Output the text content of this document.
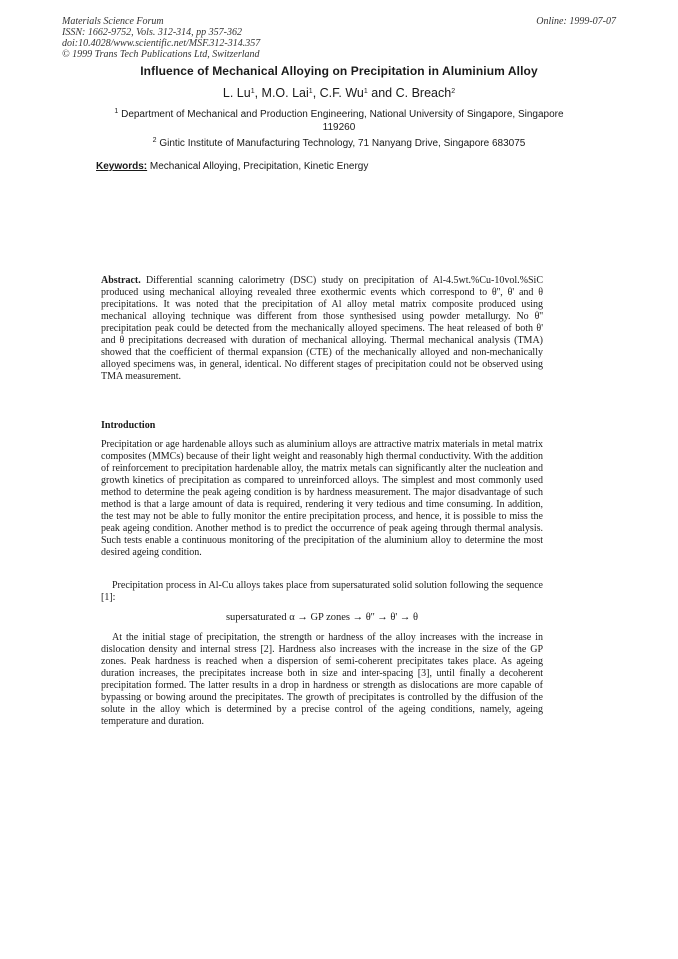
Materials Science Forum
ISSN: 1662-9752, Vols. 312-314, pp 357-362
doi:10.4028/www.scientific.net/MSF.312-314.357
© 1999 Trans Tech Publications Ltd, Switzerland
Online: 1999-07-07
Influence of Mechanical Alloying on Precipitation in Aluminium Alloy
L. Lu$^1$, M.O. Lai$^1$, C.F. Wu$^1$ and C. Breach$^2$
$^1$ Department of Mechanical and Production Engineering, National University of Singapore, Singapore 119260
$^2$ Gintic Institute of Manufacturing Technology, 71 Nanyang Drive, Singapore 683075
Keywords: Mechanical Alloying, Precipitation, Kinetic Energy

Abstract. Differential scanning calorimetry (DSC) study on precipitation of Al-4.5wt.%Cu-10vol.%SiC produced using mechanical alloying revealed three exothermic events which correspond to θ'', θ' and θ precipitations. It was noted that the precipitation of Al alloy metal matrix composite produced using mechanical alloying technique was different from those synthesised using powder metallurgy. No θ'' precipitation peak could be detected from the mechanically alloyed specimens. The heat released of both θ' and θ precipitations decreased with duration of mechanical alloying. Thermal mechanical analysis (TMA) showed that the coefficient of thermal expansion (CTE) of the mechanically alloyed and non-mechanically alloyed specimens was, in general, identical. No different stages of precipitation could not be observed using TMA measurement.

Introduction

Precipitation or age hardenable alloys such as aluminium alloys are attractive matrix materials in metal matrix composites (MMCs) because of their light weight and reasonably high thermal conductivity. With the addition of reinforcement to precipitation hardenable alloy, the matrix metals can significantly alter the nucleation and growth kinetics of precipitation as compared to unreinforced alloys. The simplest and most commonly used method to determine the peak ageing condition is by hardness measurement. The major disadvantage of such method is that a large amount of data is required, rendering it very tedious and time consuming. In addition, the test may not be able to fully monitor the entire precipitation process, and hence, it is possible to miss the peak ageing condition. Another method is to predict the occurrence of peak ageing through thermal analysis. Such tests enable a continuous monitoring of the precipitation of the aluminium alloy to determine the most desired ageing condition.

Precipitation process in Al-Cu alloys takes place from supersaturated solid solution following the sequence [1]:

supersaturated α → GP zones → θ'' → θ' → θ

At the initial stage of precipitation, the strength or hardness of the alloy increases with the increase in dislocation density and internal stress [2]. Hardness also increases with the increase in the size of the GP zones. Peak hardness is reached when a dispersion of semi-coherent precipitates takes place. As ageing duration increases, the precipitates increase both in size and inter-spacing [3], until finally a decoherent precipitation formed. The latter results in a drop in hardness or strength as dislocations are more capable of bypassing or bowing around the precipitates. The growth of precipitates is controlled by the diffusion of the solute in the alloy which is determined by a precise control of the ageing conditions, namely, ageing temperature and duration.
